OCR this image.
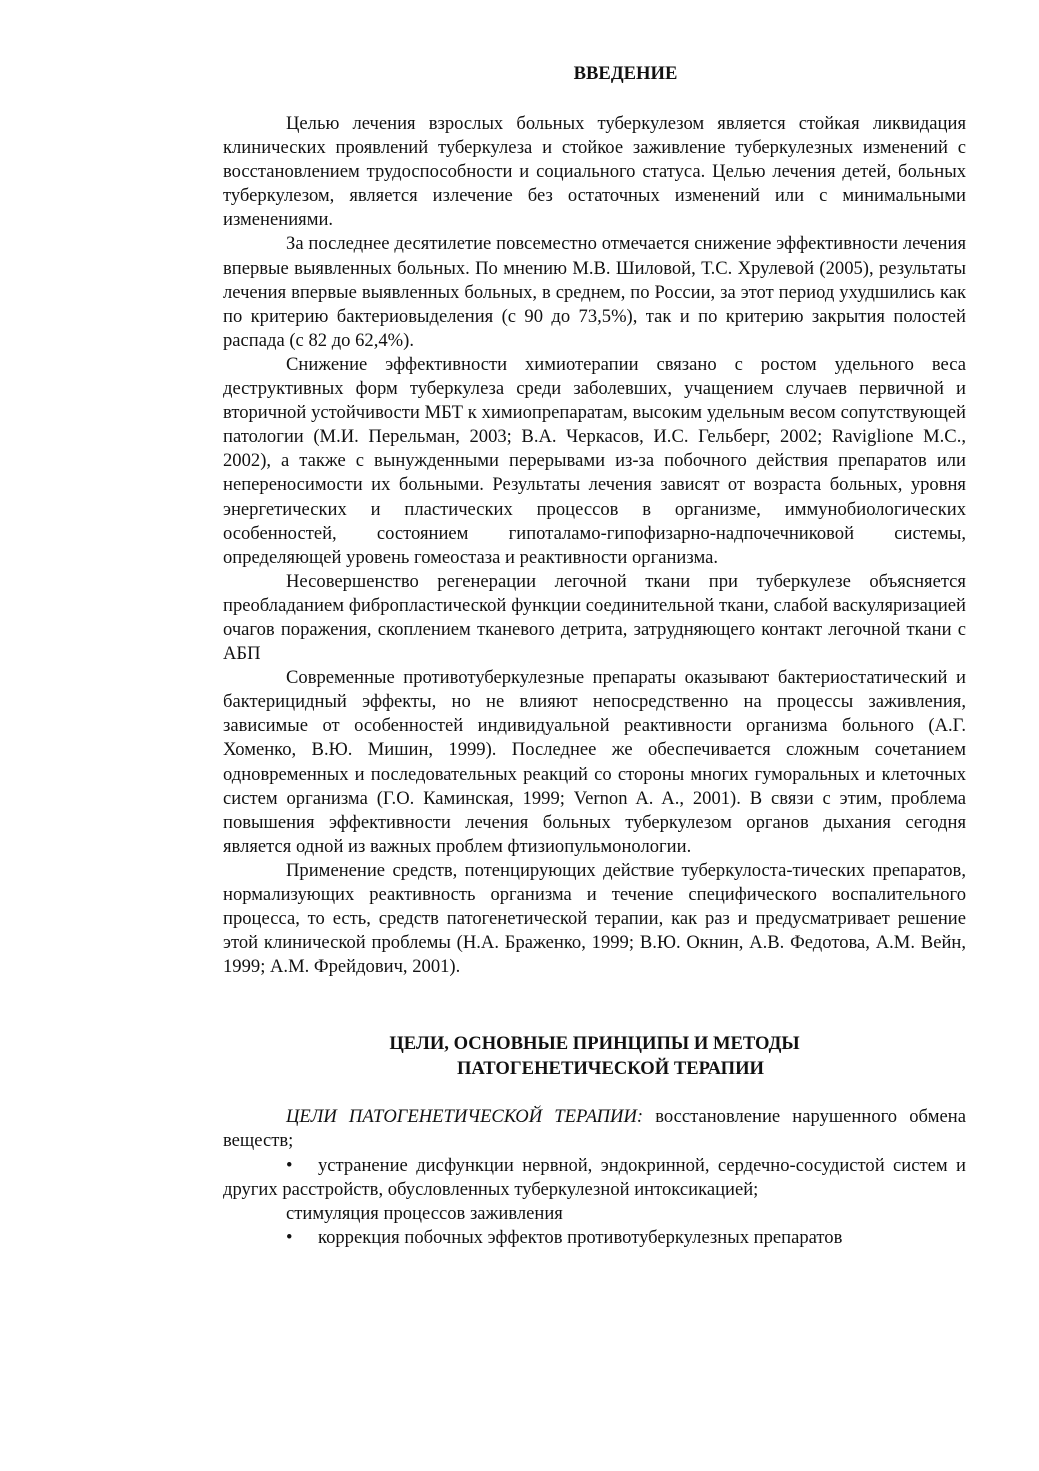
ВВЕДЕНИЕ

Целью лечения взрослых больных туберкулезом является стойкая ликвидация клинических проявлений туберкулеза и стойкое заживление туберкулезных изменений с восстановлением трудоспособности и социального статуса. Целью лечения детей, больных туберкулезом, является излечение без остаточных изменений или с минимальными изменениями.

За последнее десятилетие повсеместно отмечается снижение эффективности лечения впервые выявленных больных. По мнению М.В. Шиловой, Т.С. Хрулевой (2005), результаты лечения впервые выявленных больных, в среднем, по России, за этот период ухудшились как по критерию бактериовыделения (с 90 до 73,5%), так и по критерию закрытия полостей распада (с 82 до 62,4%).

Снижение эффективности химиотерапии связано с ростом удельного веса деструктивных форм туберкулеза среди заболевших, учащением случаев первичной и вторичной устойчивости МБТ к химиопрепаратам, высоким удельным весом сопутствующей патологии (М.И. Перельман, 2003; В.А. Черкасов, И.С. Гельберг, 2002; Raviglione M.C., 2002), а также с вынужденными перерывами из-за побочного действия препаратов или непереносимости их больными. Результаты лечения зависят от возраста больных, уровня энергетических и пластических процессов в организме, иммунобиологических особенностей, состоянием гипоталамо-гипофизарно-надпочечниковой системы, определяющей уровень гомеостаза и реактивности организма.

Несовершенство регенерации легочной ткани при туберкулезе объясняется преобладанием фибропластической функции соединительной ткани, слабой васкуляризацией очагов поражения, скоплением тканевого детрита, затрудняющего контакт легочной ткани с АБП

Современные противотуберкулезные препараты оказывают бактериостатический и бактерицидный эффекты, но не влияют непосредственно на процессы заживления, зависимые от особенностей индивидуальной реактивности организма больного (А.Г. Хоменко, В.Ю. Мишин, 1999). Последнее же обеспечивается сложным сочетанием одновременных и последовательных реакций со стороны многих гуморальных и клеточных систем организма (Г.О. Каминская, 1999; Vernon A. A., 2001). В связи с этим, проблема повышения эффективности лечения больных туберкулезом органов дыхания сегодня является одной из важных проблем фтизиопульмонологии.

Применение средств, потенцирующих действие туберкулоста-тических препаратов, нормализующих реактивность организма и течение специфического воспалительного процесса, то есть, средств патогенетической терапии, как раз и предусматривает решение этой клинической проблемы (Н.А. Браженко, 1999; В.Ю. Окнин, А.В. Федотова, А.М. Вейн, 1999; А.М. Фрейдович, 2001).

ЦЕЛИ, ОСНОВНЫЕ ПРИНЦИПЫ И МЕТОДЫ
ПАТОГЕНЕТИЧЕСКОЙ ТЕРАПИИ

ЦЕЛИ ПАТОГЕНЕТИЧЕСКОЙ ТЕРАПИИ: восстановление нарушенного обмена веществ;

• устранение дисфункции нервной, эндокринной, сердечно-сосудистой систем и других расстройств, обусловленных туберкулезной интоксикацией;

стимуляция процессов заживления

• коррекция побочных эффектов противотуберкулезных препаратов
